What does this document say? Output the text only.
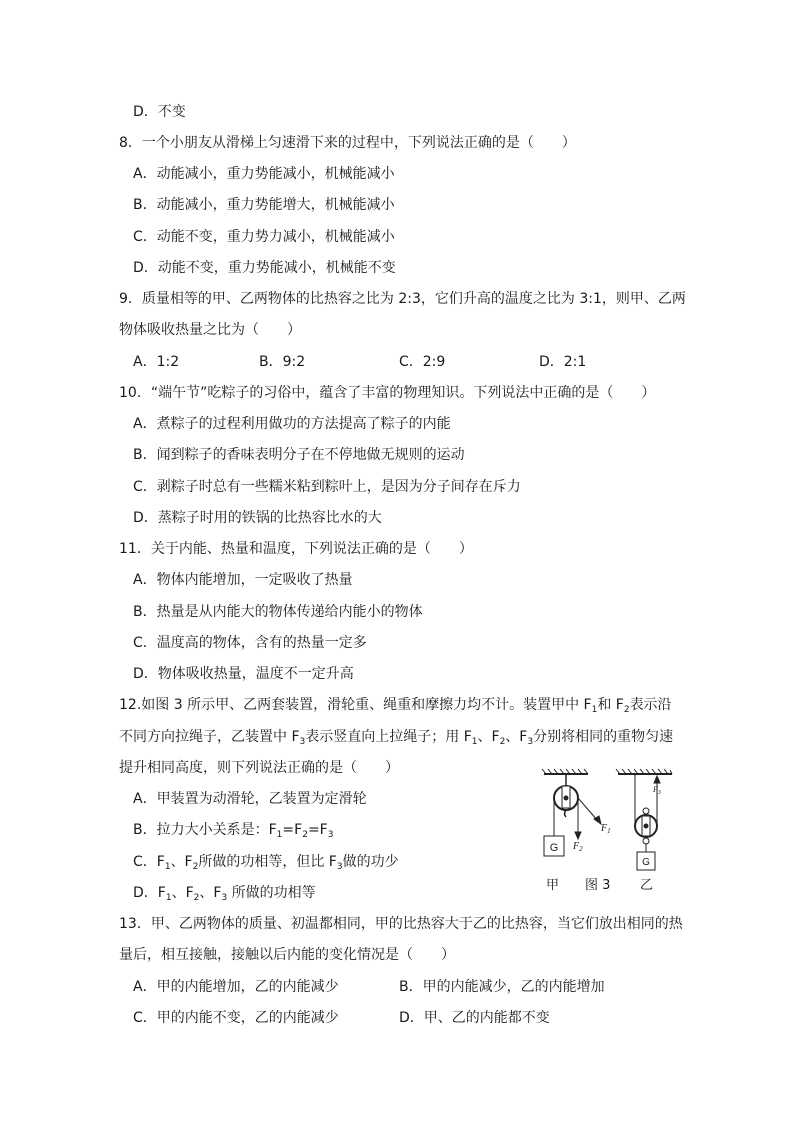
D．不变
8．一个小朋友从滑梯上匀速滑下来的过程中，下列说法正确的是（　　）
A．动能减小，重力势能减小，机械能减小
B．动能减小，重力势能增大，机械能减小
C．动能不变，重力势力减小，机械能减小
D．动能不变，重力势能减小，机械能不变
9．质量相等的甲、乙两物体的比热容之比为 2:3，它们升高的温度之比为 3:1，则甲、乙两
物体吸收热量之比为（　　）
A．1:2	B．9:2	C．2:9	D．2:1
10．“端午节”吃粽子的习俗中，蕴含了丰富的物理知识。下列说法中正确的是（　　）
A．煮粽子的过程利用做功的方法提高了粽子的内能
B．闻到粽子的香味表明分子在不停地做无规则的运动
C．剥粽子时总有一些糯米粘到粽叶上，是因为分子间存在斥力
D．蒸粽子时用的铁锅的比热容比水的大
11．关于内能、热量和温度，下列说法正确的是（　　）
A．物体内能增加，一定吸收了热量
B．热量是从内能大的物体传递给内能小的物体
C．温度高的物体，含有的热量一定多
D．物体吸收热量，温度不一定升高
12.如图 3 所示甲、乙两套装置，滑轮重、绳重和摩擦力均不计。装置甲中 $F_1$和 $F_2$表示沿
不同方向拉绳子，乙装置中 $F_3$表示竖直向上拉绳子；用 $F_1$、$F_2$、$F_3$分别将相同的重物匀速
提升相同高度，则下列说法正确的是（　　）
A．甲装置为动滑轮，乙装置为定滑轮
B．拉力大小关系是：$F_1=F_2=F_3$
C．$F_1$、$F_2$所做的功相等，但比 $F_3$做的功少
D．$F_1$、$F_2$、$F_3$ 所做的功相等
13．甲、乙两物体的质量、初温都相同，甲的比热容大于乙的比热容，当它们放出相同的热
量后，相互接触，接触以后内能的变化情况是（　　）
A．甲的内能增加，乙的内能减少	B．甲的内能减少，乙的内能增加
C．甲的内能不变，乙的内能减少	D．甲、乙的内能都不变
G $F_2$
$F_1$
$F_3$
G
甲 图 3 乙
